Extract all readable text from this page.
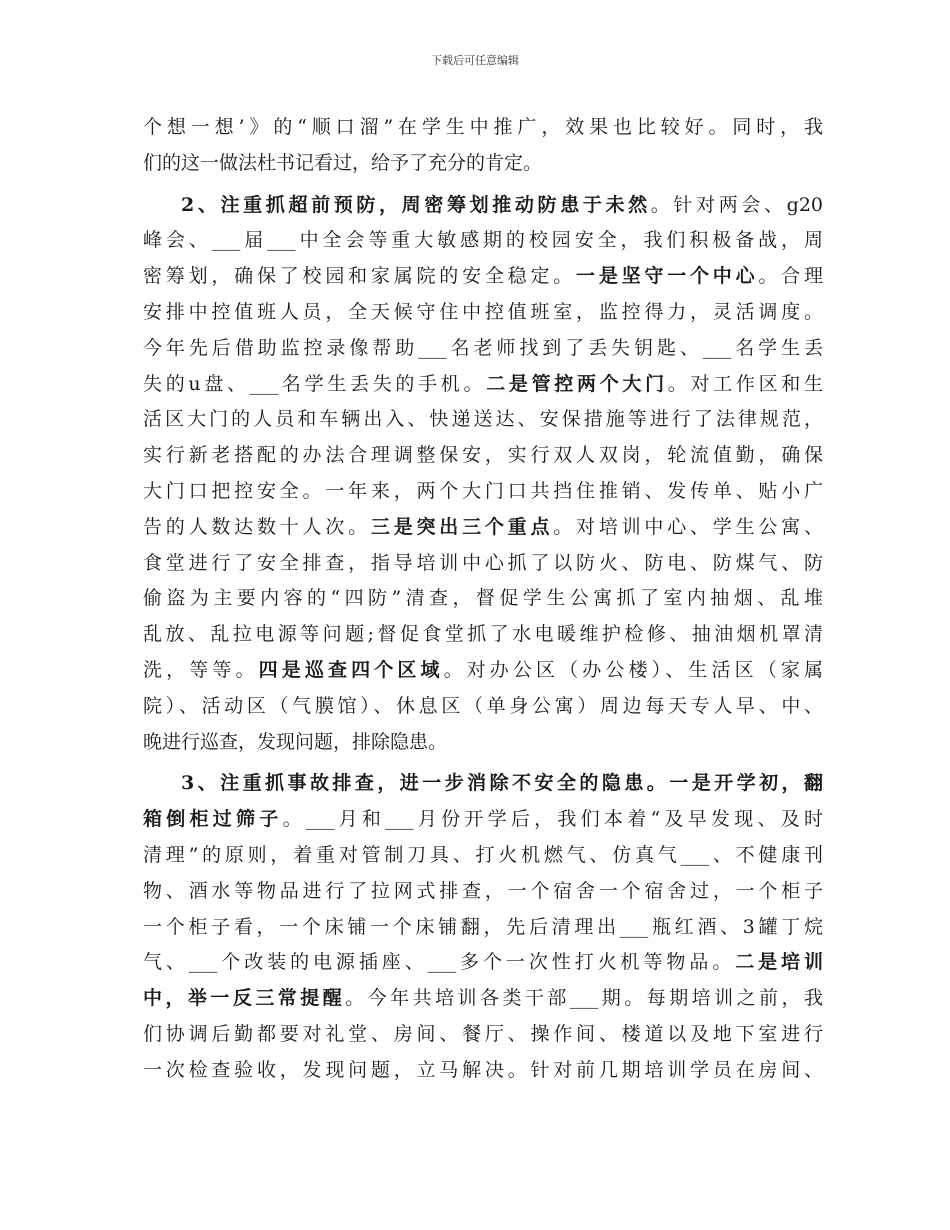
下载后可任意编辑
个想一想’》的“顺口溜”在学生中推广，效果也比较好。同时，我
们的这一做法杜书记看过，给予了充分的肯定。
2、注重抓超前预防，周密筹划推动防患于未然。针对两会、g20
峰会、___届___中全会等重大敏感期的校园安全，我们积极备战，周
密筹划，确保了校园和家属院的安全稳定。一是坚守一个中心。合理
安排中控值班人员，全天候守住中控值班室，监控得力，灵活调度。
今年先后借助监控录像帮助___名老师找到了丢失钥匙、___名学生丢
失的u盘、___名学生丢失的手机。二是管控两个大门。对工作区和生
活区大门的人员和车辆出入、快递送达、安保措施等进行了法律规范，
实行新老搭配的办法合理调整保安，实行双人双岗，轮流值勤，确保
大门口把控安全。一年来，两个大门口共挡住推销、发传单、贴小广
告的人数达数十人次。三是突出三个重点。对培训中心、学生公寓、
食堂进行了安全排查，指导培训中心抓了以防火、防电、防煤气、防
偷盗为主要内容的“四防”清查，督促学生公寓抓了室内抽烟、乱堆
乱放、乱拉电源等问题;督促食堂抓了水电暖维护检修、抽油烟机罩清
洗，等等。四是巡查四个区域。对办公区（办公楼）、生活区（家属
院）、活动区（气膜馆）、休息区（单身公寓）周边每天专人早、中、
晚进行巡查，发现问题，排除隐患。
3、注重抓事故排查，进一步消除不安全的隐患。一是开学初，翻
箱倒柜过筛子。___月和___月份开学后，我们本着“及早发现、及时
清理”的原则，着重对管制刀具、打火机燃气、仿真气___、不健康刊
物、酒水等物品进行了拉网式排查，一个宿舍一个宿舍过，一个柜子
一个柜子看，一个床铺一个床铺翻，先后清理出___瓶红酒、3罐丁烷
气、___个改装的电源插座、___多个一次性打火机等物品。二是培训
中，举一反三常提醒。今年共培训各类干部___期。每期培训之前，我
们协调后勤都要对礼堂、房间、餐厅、操作间、楼道以及地下室进行
一次检查验收，发现问题，立马解决。针对前几期培训学员在房间、
